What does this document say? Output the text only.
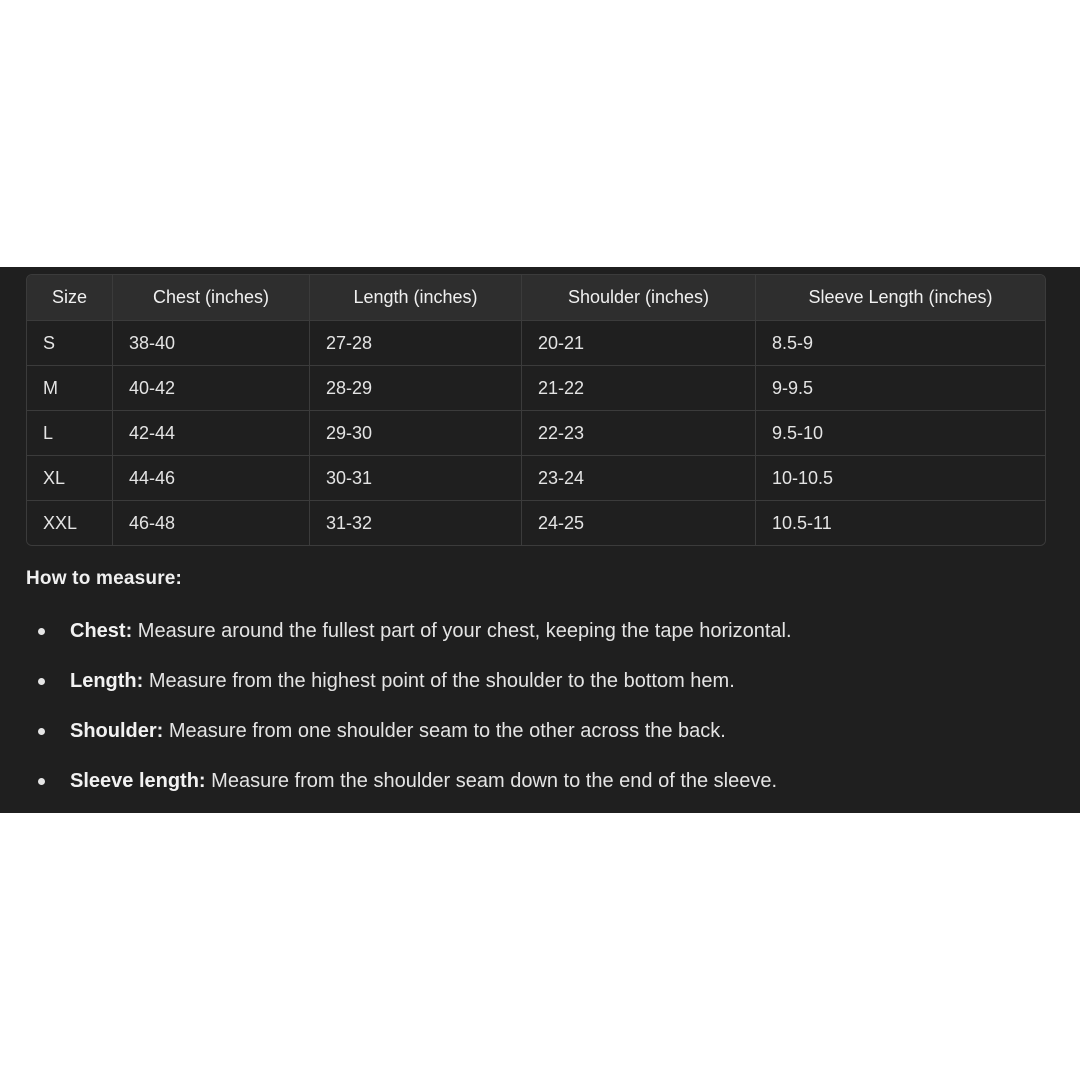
Size	Chest (inches)	Length (inches)	Shoulder (inches)	Sleeve Length (inches)
S	38-40	27-28	20-21	8.5-9
M	40-42	28-29	21-22	9-9.5
L	42-44	29-30	22-23	9.5-10
XL	44-46	30-31	23-24	10-10.5
XXL	46-48	31-32	24-25	10.5-11
How to measure:
Chest: Measure around the fullest part of your chest, keeping the tape horizontal.
Length: Measure from the highest point of the shoulder to the bottom hem.
Shoulder: Measure from one shoulder seam to the other across the back.
Sleeve length: Measure from the shoulder seam down to the end of the sleeve.
